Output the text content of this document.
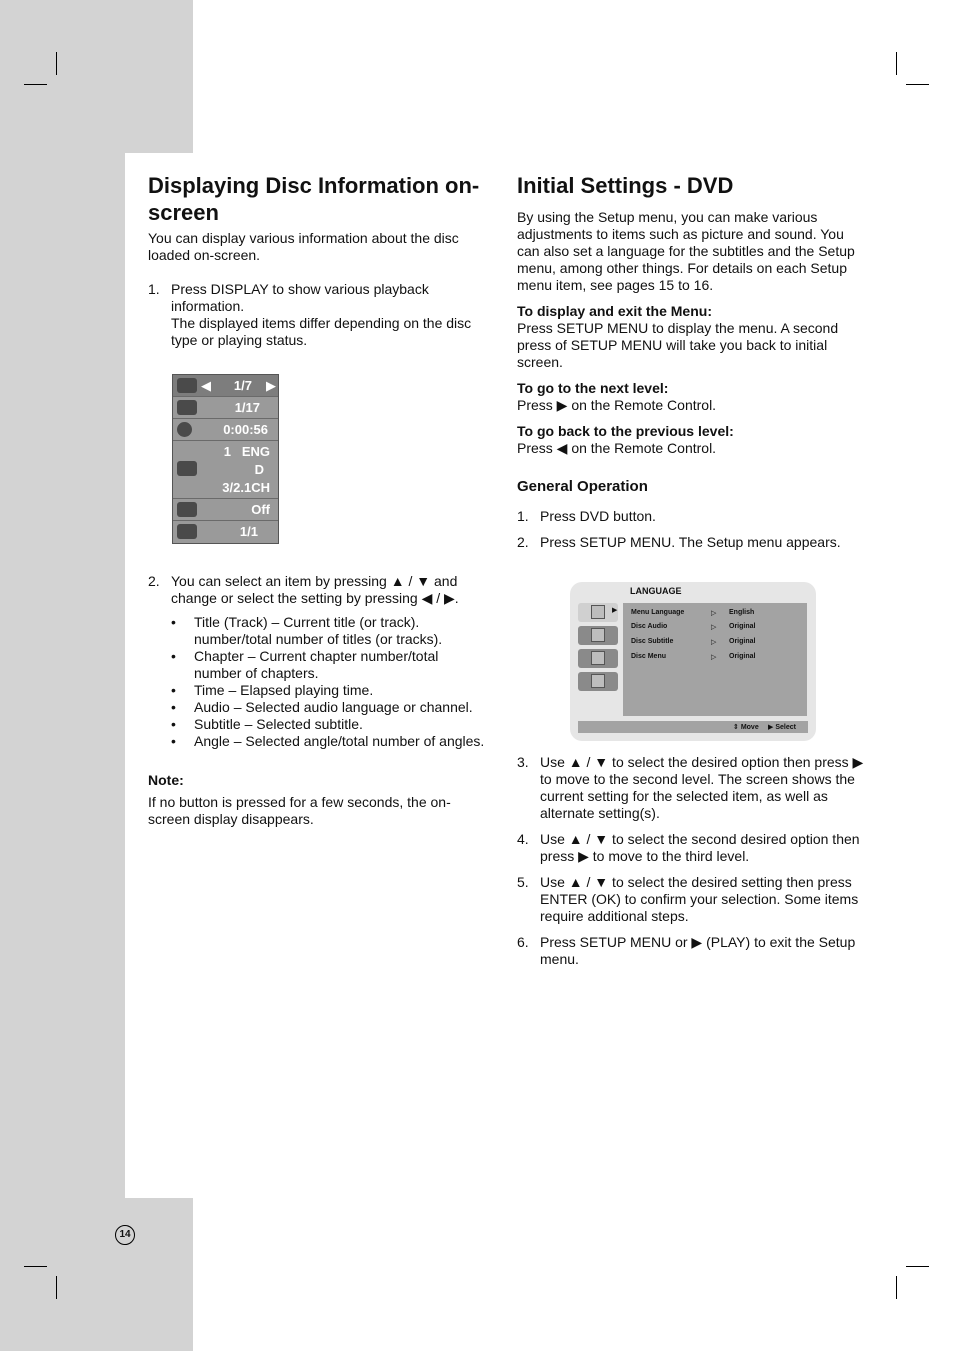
Displaying Disc Information on-screen

You can display various information about the disc loaded on-screen.

1. Press DISPLAY to show various playback information.
The displayed items differ depending on the disc type or playing status.
◀ 1/7 ▶
1/17
0:00:56
1   ENG
D
3/2.1CH
Off
1/1
2. You can select an item by pressing ▲ / ▼ and change or select the setting by pressing ◀ / ▶.
• Title (Track) – Current title (or track). number/total number of titles (or tracks).
• Chapter – Current chapter number/total number of chapters.
• Time – Elapsed playing time.
• Audio – Selected audio language or channel.
• Subtitle – Selected subtitle.
• Angle – Selected angle/total number of angles.

Note:

If no button is pressed for a few seconds, the on-screen display disappears.

Initial Settings - DVD

By using the Setup menu, you can make various adjustments to items such as picture and sound. You can also set a language for the subtitles and the Setup menu, among other things. For details on each Setup menu item, see pages 15 to 16.

To display and exit the Menu:

Press SETUP MENU to display the menu. A second press of SETUP MENU will take you back to initial screen.

To go to the next level:

Press ▶ on the Remote Control.

To go back to the previous level:

Press ◀ on the Remote Control.

General Operation

1. Press DVD button.
2. Press SETUP MENU. The Setup menu appears.
LANGUAGE
▶ Menu Language	▷ English
Disc Audio	▷ Original
Disc Subtitle	▷ Original
Disc Menu	▷ Original
⇕ Move ▶ Select
3. Use ▲ / ▼ to select the desired option then press ▶ to move to the second level. The screen shows the current setting for the selected item, as well as alternate setting(s).
4. Use ▲ / ▼ to select the second desired option then press ▶ to move to the third level.
5. Use ▲ / ▼ to select the desired setting then press ENTER (OK) to confirm your selection. Some items require additional steps.
6. Press SETUP MENU or ▶ (PLAY) to exit the Setup menu.
14
